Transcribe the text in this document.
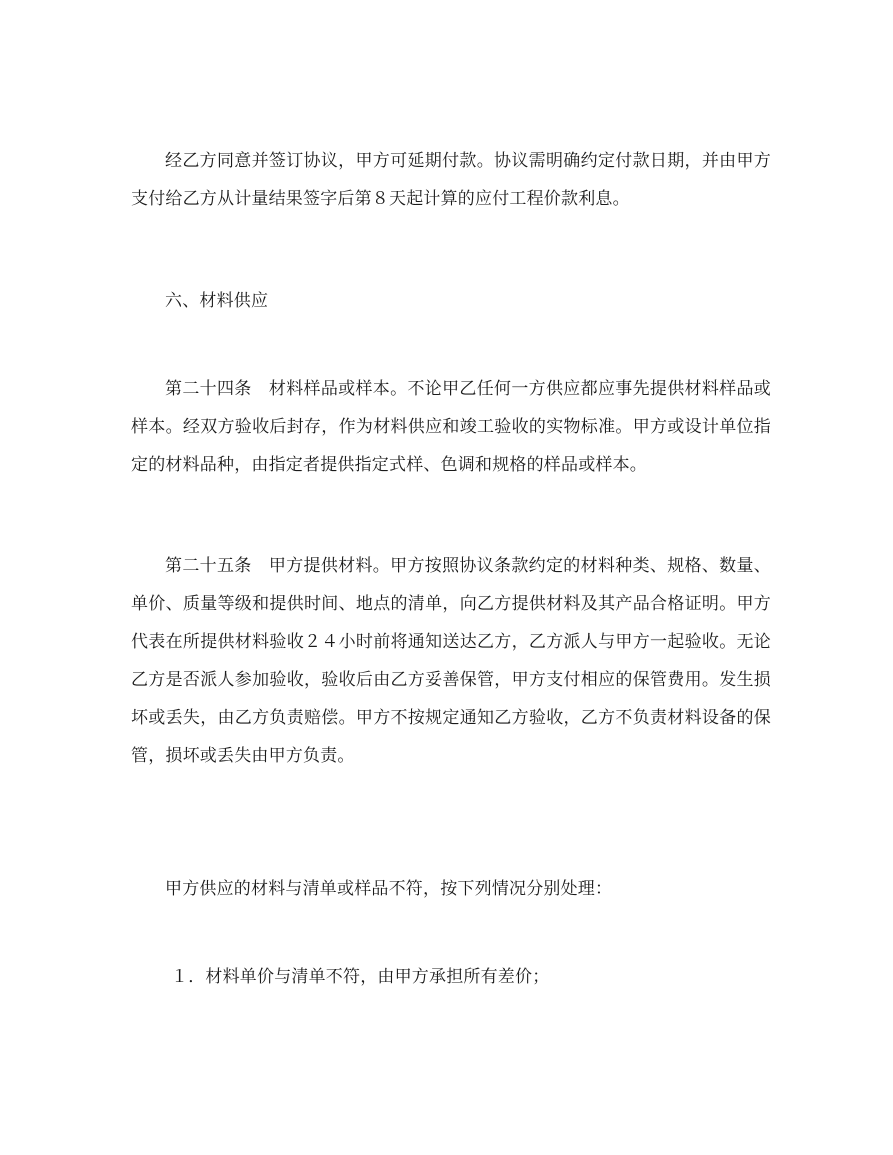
经乙方同意并签订协议，甲方可延期付款。协议需明确约定付款日期，并由甲方支付给乙方从计量结果签字后第８天起计算的应付工程价款利息。

六、材料供应

第二十四条　材料样品或样本。不论甲乙任何一方供应都应事先提供材料样品或样本。经双方验收后封存，作为材料供应和竣工验收的实物标准。甲方或设计单位指定的材料品种，由指定者提供指定式样、色调和规格的样品或样本。

第二十五条　甲方提供材料。甲方按照协议条款约定的材料种类、规格、数量、单价、质量等级和提供时间、地点的清单，向乙方提供材料及其产品合格证明。甲方代表在所提供材料验收２４小时前将通知送达乙方，乙方派人与甲方一起验收。无论乙方是否派人参加验收，验收后由乙方妥善保管，甲方支付相应的保管费用。发生损坏或丢失，由乙方负责赔偿。甲方不按规定通知乙方验收，乙方不负责材料设备的保管，损坏或丢失由甲方负责。

甲方供应的材料与清单或样品不符，按下列情况分别处理：

１．材料单价与清单不符，由甲方承担所有差价；
